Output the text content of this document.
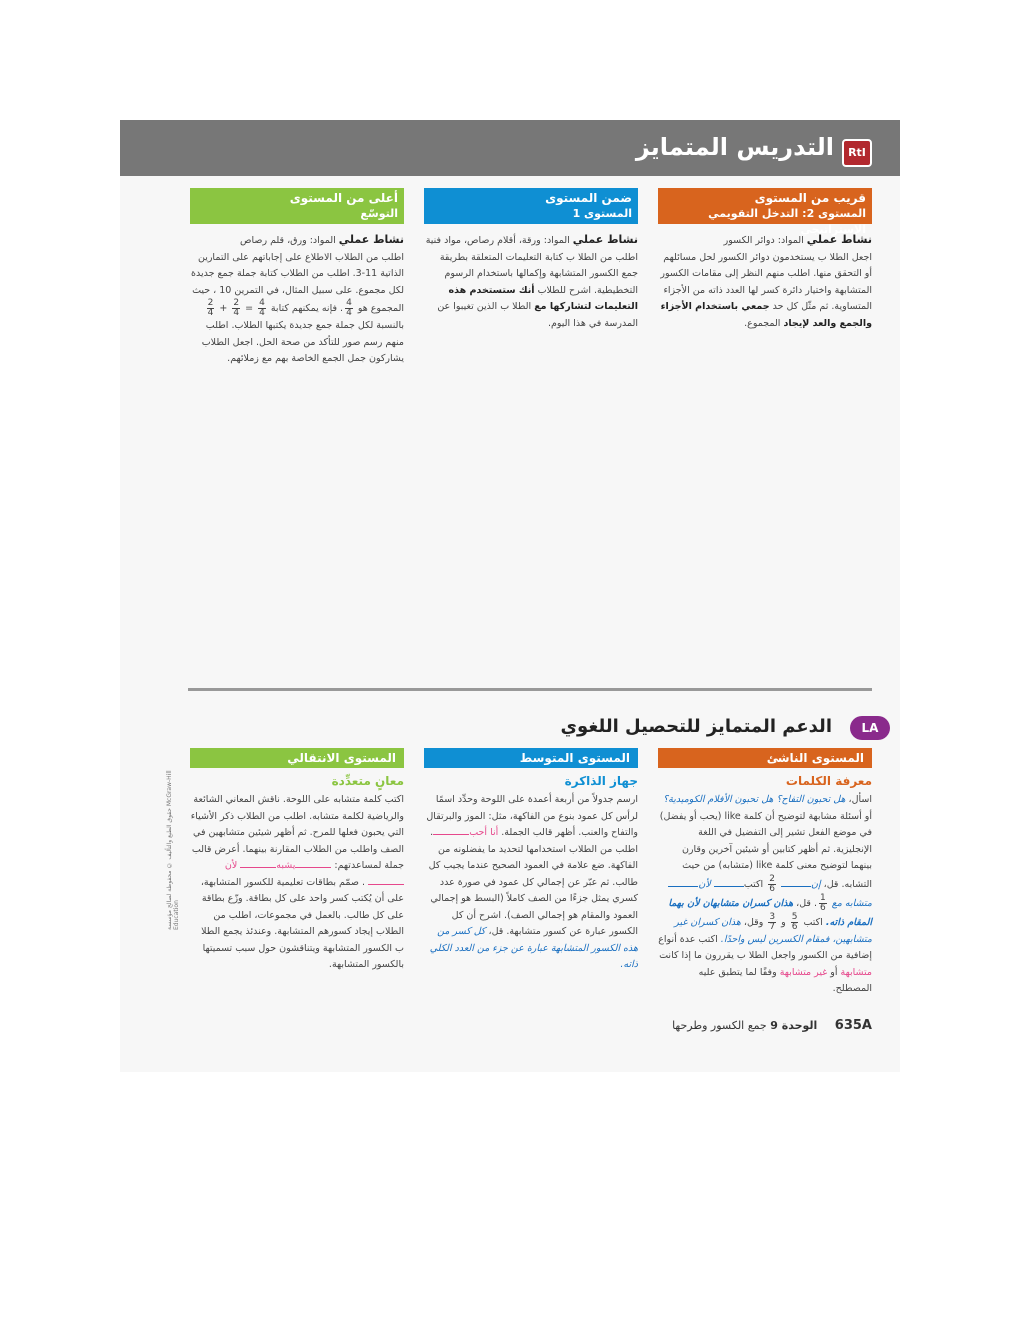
RtI
التدريس المتمايز
قريب من المستوى
المستوى 2: التدخل التقويمي الإستراتيجي
نشاط عملي المواد: دوائر الكسور
اجعل الطلا ب يستخدمون دوائر الكسور لحل مسائلهم أو التحقق منها. اطلب منهم النظر إلى مقامات الكسور المتشابهة واختيار دائرة كسر لها العدد ذاته من الأجزاء المتساوية. ثم مثّل كل حد جمعي باستخدام الأجزاء والجمع والعد لإيجاد المجموع.
ضمن المستوى
المستوى 1
نشاط عملي المواد: ورقة، أقلام رصاص، مواد فنية
اطلب من الطلا ب كتابة التعليمات المتعلقة بطريقة جمع الكسور المتشابهة وإكمالها باستخدام الرسوم التخطيطية. اشرح للطلاب أنك ستستخدم هذه التعليمات لتشاركها مع الطلا ب الذين تغيبوا عن المدرسة في هذا اليوم.
أعلى من المستوى
التوسّع
نشاط عملي المواد: ورق، قلم رصاص
اطلب من الطلاب الاطلاع على إجاباتهم على التمارين الذاتية 11-3. اطلب من الطلاب كتابة جملة جمع جديدة لكل مجموع. على سبيل المثال، في التمرين 10 ، حيث المجموع هو
$\frac{4}{4}$
. فإنه يمكنهم كتابة
$\frac{2}{4} + \frac{2}{4} = \frac{4}{4}$
بالنسبة لكل جملة جمع جديدة يكتبها الطلاب. اطلب منهم رسم صور للتأكد من صحة الحل. اجعل الطلاب يشاركون جمل الجمع الخاصة بهم مع زملائهم.
LA
الدعم المتمايز للتحصيل اللغوي
المستوى الناشئ
معرفة الكلمات
اسأل، هل تحبون التفاح؟ هل تحبون الأفلام الكوميدية؟ أو أسئلة مشابهة لتوضيح أن كلمة like (يحب أو يفضل) في موضع الفعل تشير إلى التفضيل في اللغة الإنجليزية. ثم أظهر كتابين أو شيئين آخرين وقارن بينهما لتوضيح معنى كلمة like (متشابه) من حيث التشابه. قل، إن
$\frac{2}{6}$
اكتب لأن متشابه مع
$\frac{1}{6}$
. قل، هذان كسران متشابهان لأن بهما المقام ذاته. اكتب
$\frac{5}{6}$
و
$\frac{3}{7}$
وقل، هذان كسران غير متشابهين، فمقام الكسرين ليس واحدًا. اكتب عدة أنواع إضافية من الكسور واجعل الطلا ب يقررون ما إذا كانت متشابهة أو غير متشابهة وفقًا لما يتطبق عليه المصطلح.
المستوى المتوسط
جهاز الذاكرة
ارسم جدولاً من أربعة أعمدة على اللوحة وحدِّد اسمًا لرأس كل عمود بنوع من الفاكهة، مثل: الموز والبرتقال والتفاح والعنب. أظهر قالب الجملة. أنا أحب. اطلب من الطلاب استخدامها لتحديد ما يفضلونه من الفاكهة. ضع علامة في العمود الصحيح عندما يجيب كل طالب. ثم عبّر عن إجمالي كل عمود في صورة عدد كسري يمثل جزءًا من الصف كاملاً (البسط هو إجمالي العمود والمقام هو إجمالي الصف). اشرح أن كل الكسور عبارة عن كسور متشابهة. قل، كل كسر من هذه الكسور المتشابهة عبارة عن جزء من العدد الكلي ذاته.
المستوى الانتقالي
معانٍ متعدِّدة
اكتب كلمة متشابه على اللوحة. ناقش المعاني الشائعة والرياضية لكلمة متشابه. اطلب من الطلاب ذكر الأشياء التي يحبون فعلها للمرح. ثم أظهر شيئين متشابهين في الصف واطلب من الطلاب المقارنة بينهما. أعرض قالب جملة لمساعدتهم: يشبه لأن . صمّم بطاقات تعليمية للكسور المتشابهة، على أن يُكتب كسر واحد على كل بطاقة. وزّع بطاقة على كل طالب. بالعمل في مجموعات، اطلب من الطلاب إيجاد كسورهم المتشابهة. وعندئذ يجمع الطلا ب الكسور المتشابهة ويتناقشون حول سبب تسميتها بالكسور المتشابهة.
حقوق الطبع والتأليف © محفوظة لصالح مؤسسة McGraw-Hill Education
635A الوحدة 9 جمع الكسور وطرحها
